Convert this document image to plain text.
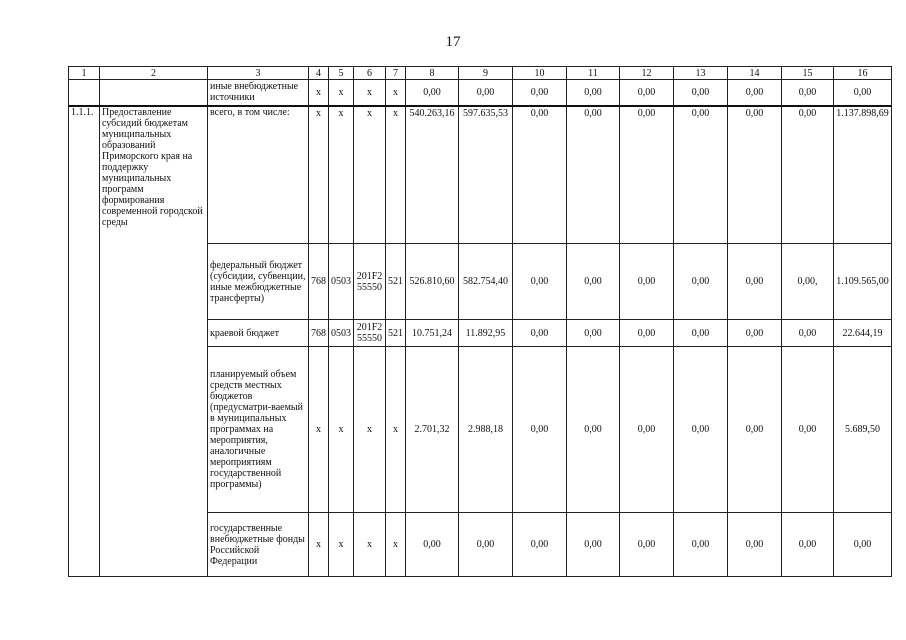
17
1	2	3	4	5	6	7	8	9	10	11	12	13	14	15	16
		иные внебюджетные источники	х	х	х	х	0,00	0,00	0,00	0,00	0,00	0,00	0,00	0,00	0,00
1.1.1.	Предоставление субсидий бюджетам муниципальных образований Приморского края на поддержку муниципальных программ формирования современной городской среды	всего, в том числе:	х	х	х	х	540.263,16	597.635,53	0,00	0,00	0,00	0,00	0,00	0,00	1.137.898,69
		федеральный бюджет (субсидии, субвенции, иные межбюджетные трансферты)	768	0503	201F2
55550	521	526.810,60	582.754,40	0,00	0,00	0,00	0,00	0,00	0,00,	1.109.565,00
		краевой бюджет	768	0503	201F2
55550	521	10.751,24	11.892,95	0,00	0,00	0,00	0,00	0,00	0,00	22.644,19
		планируемый объем средств местных бюджетов (предусматри-ваемый в муниципальных программах на мероприятия, аналогичные мероприятиям государственной программы)	х	х	х	х	2.701,32	2.988,18	0,00	0,00	0,00	0,00	0,00	0,00	5.689,50
		государственные внебюджетные фонды Российской Федерации	х	х	х	х	0,00	0,00	0,00	0,00	0,00	0,00	0,00	0,00	0,00
